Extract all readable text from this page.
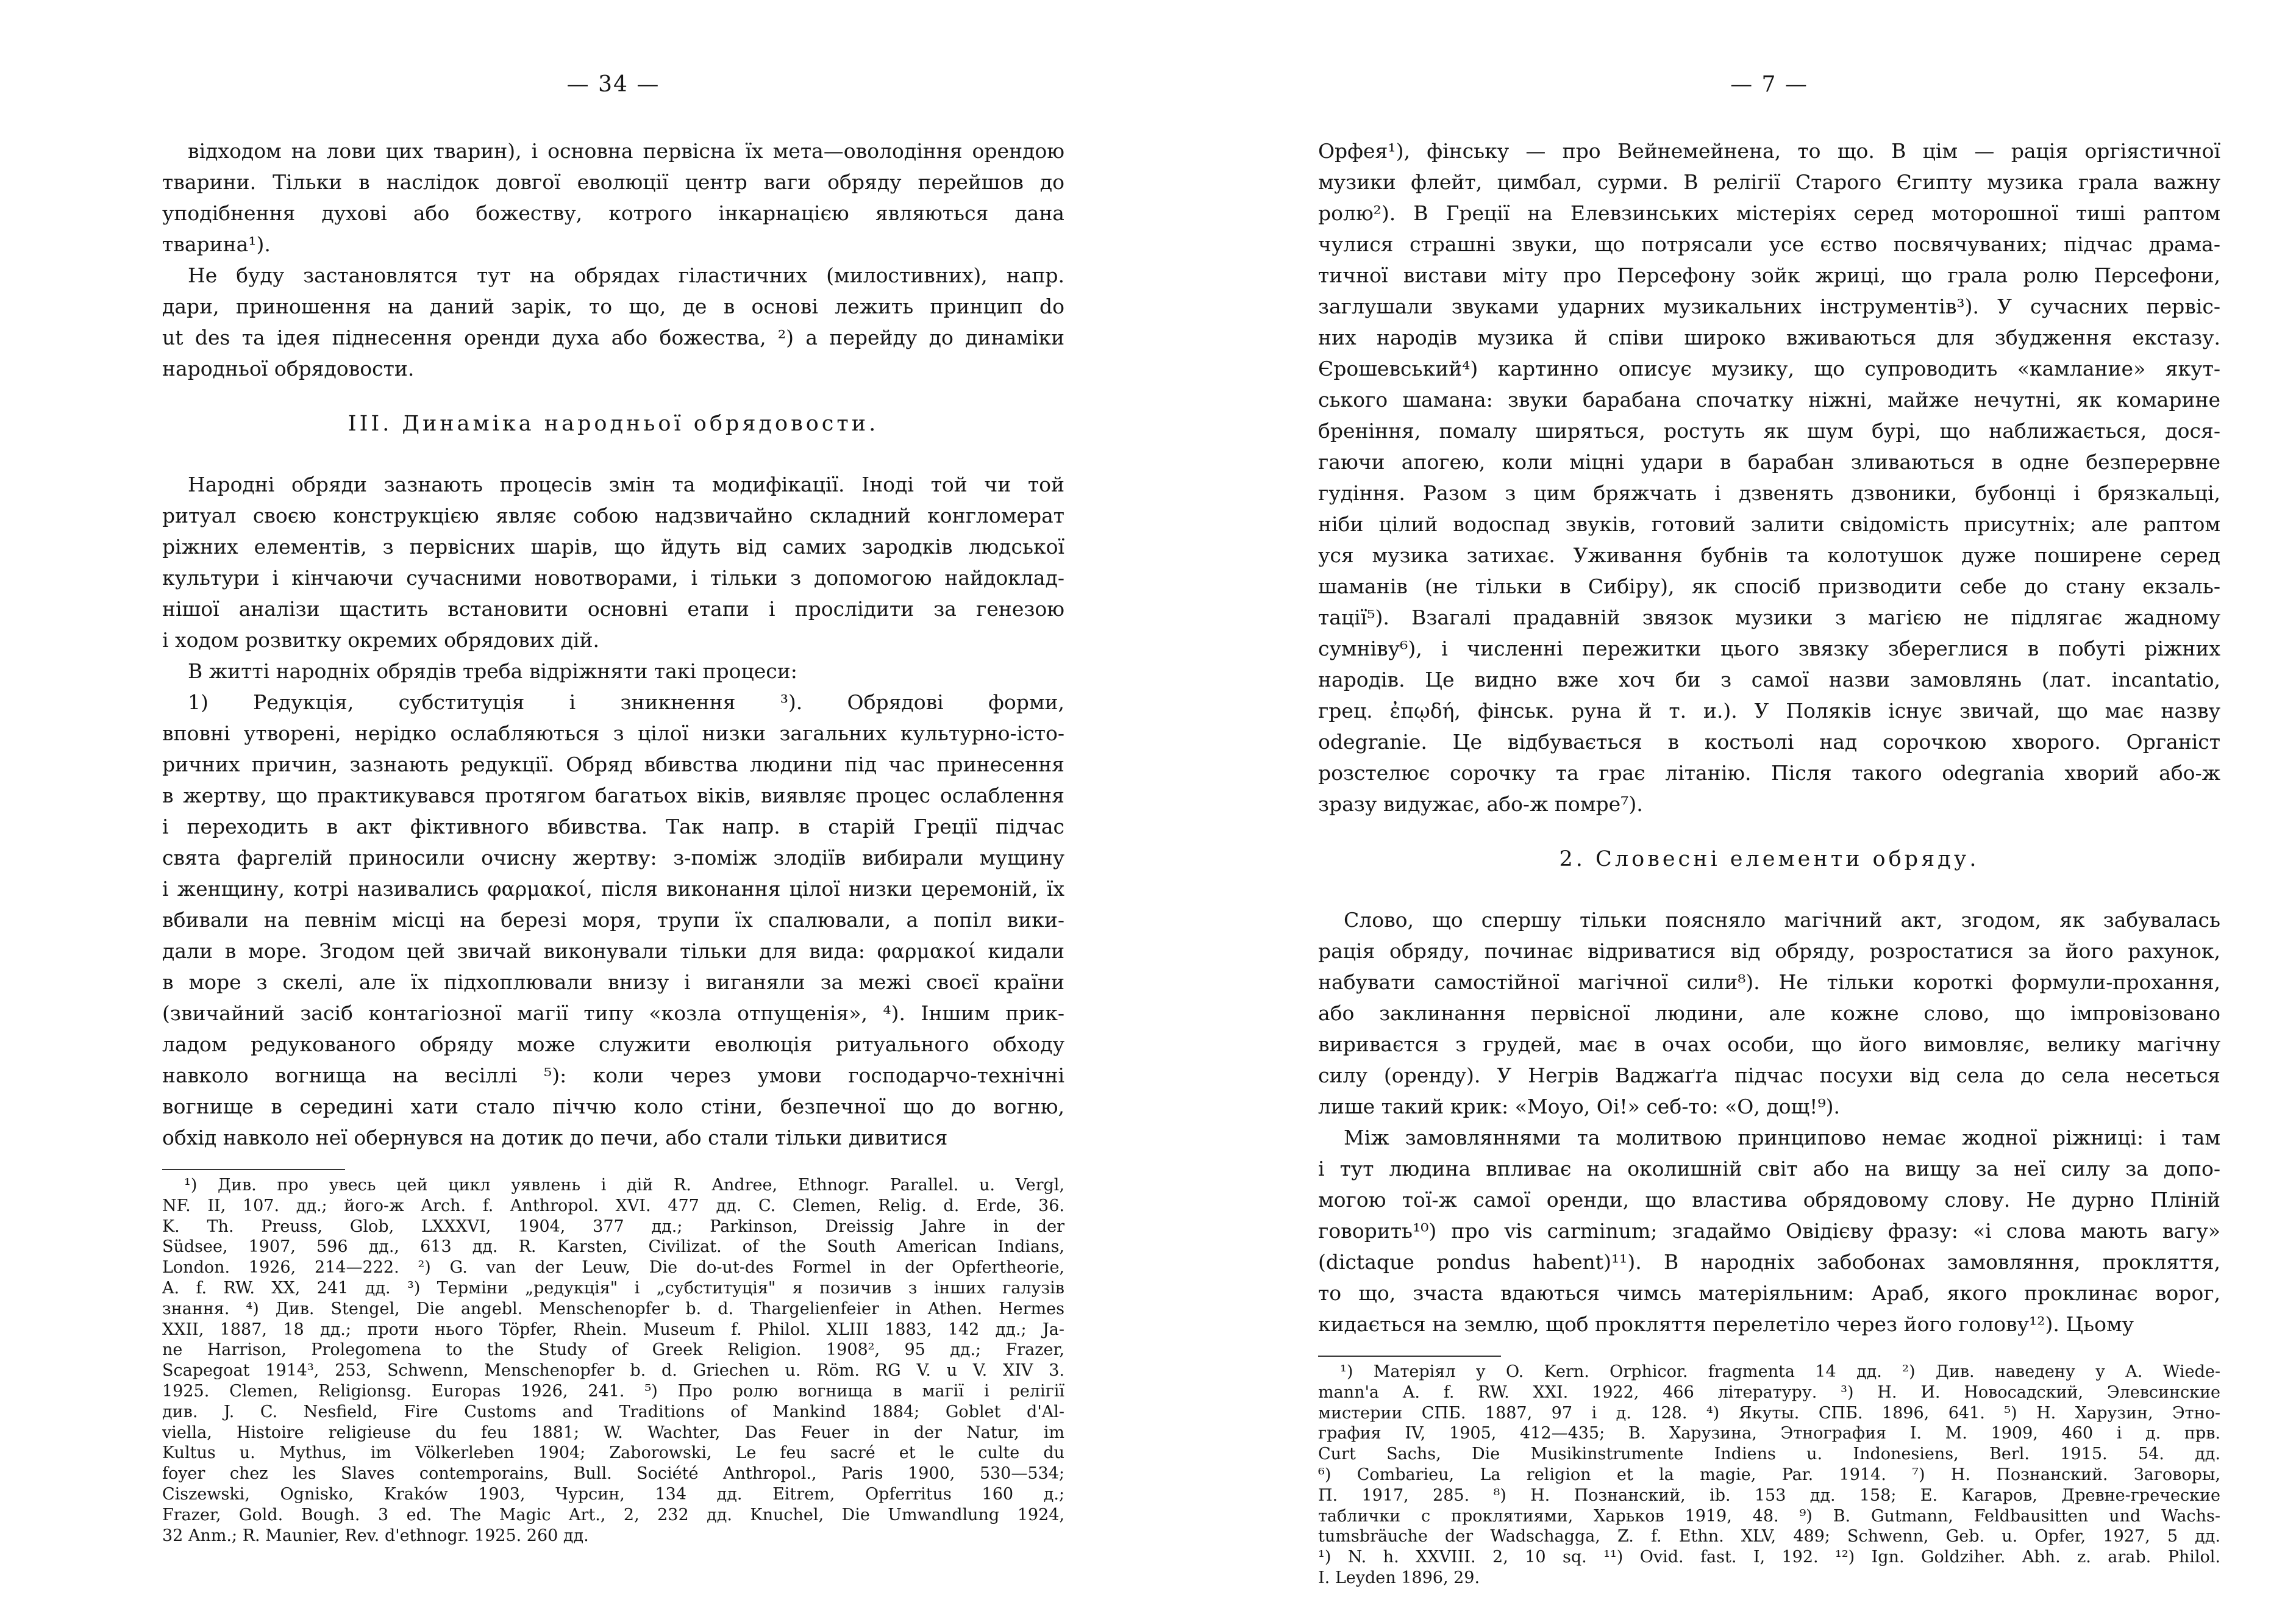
— 34 —
відходом на лови цих тварин), і основна первісна їх мета—оволодіння орендою
тварини. Тільки в наслідок довгої еволюції центр ваги обряду перейшов до
уподібнення духові або божеству, котрого інкарнацією являються дана
тварина¹).
Не буду застановлятся тут на обрядах гіластичних (милостивних), напр.
дари, приношення на даний зарік, то що, де в основі лежить принцип do
ut des та ідея піднесення оренди духа або божества, ²) а перейду до динаміки
народньої обрядовости.
III. Динаміка народньої обрядовости.
Народні обряди зазнають процесів змін та модифікації. Іноді той чи той
ритуал своєю конструкцією являє собою надзвичайно складний конгломерат
ріжних елементів, з первісних шарів, що йдуть від самих зародків людської
культури і кінчаючи сучасними новотворами, і тільки з допомогою найдоклад-
нішої аналізи щастить встановити основні етапи і прослідити за генезою
і ходом розвитку окремих обрядових дій.
В житті народніх обрядів треба відріжняти такі процеси:
1) Редукція, субституція і зникнення ³). Обрядові форми,
вповні утворені, нерідко ослабляються з цілої низки загальних культурно-істо-
ричних причин, зазнають редукції. Обряд вбивства людини під час принесення
в жертву, що практикувався протягом багатьох віків, виявляє процес ослаблення
і переходить в акт фіктивного вбивства. Так напр. в старій Греції підчас
свята фаргелій приносили очисну жертву: з-поміж злодіїв вибирали мущину
і женщину, котрі називались φαρμακοί, після виконання цілої низки церемоній, їх
вбивали на певнім місці на березі моря, трупи їх спалювали, а попіл вики-
дали в море. Згодом цей звичай виконували тільки для вида: φαρμακοί кидали
в море з скелі, але їх підхоплювали внизу і виганяли за межі своєї країни
(звичайний засіб контагіозної магії типу «козла отпущенія», ⁴). Іншим прик-
ладом редукованого обряду може служити еволюція ритуального обходу
навколо вогнища на весіллі ⁵): коли через умови господарчо-технічні
вогнище в середині хати стало піччю коло стіни, безпечної що до вогню,
обхід навколо неї обернувся на дотик до печи, або стали тільки дивитися
¹) Див. про увесь цей цикл уявлень і дій R. Andree, Ethnogr. Parallel. u. Vergl,
NF. II, 107. дд.; його-ж Arch. f. Anthropol. XVI. 477 дд. C. Clemen, Relig. d. Erde, 36.
K. Th. Preuss, Glob, LXXXVI, 1904, 377 дд.; Parkinson, Dreissig Jahre in der
Südsee, 1907, 596 дд., 613 дд. R. Karsten, Civilizat. of the South American Indians,
London. 1926, 214—222. ²) G. van der Leuw, Die do-ut-des Formel in der Opfertheorie,
A. f. RW. XX, 241 дд. ³) Терміни „редукція" і „субституція" я позичив з інших галузів
знання. ⁴) Див. Stengel, Die angebl. Menschenopfer b. d. Thargelienfeier in Athen. Hermes
XXII, 1887, 18 дд.; проти нього Töpfer, Rhein. Museum f. Philol. XLIII 1883, 142 дд.; Ja-
ne Harrison, Prolegomena to the Study of Greek Religion. 1908², 95 дд.; Frazer,
Scapegoat 1914³, 253, Schwenn, Menschenopfer b. d. Griechen u. Röm. RG V. u V. XIV 3.
1925. Clemen, Religionsg. Europas 1926, 241. ⁵) Про ролю вогнища в магії і релігії
див. J. C. Nesfield, Fire Customs and Traditions of Mankind 1884; Goblet d'Al-
viella, Histoire religieuse du feu 1881; W. Wachter, Das Feuer in der Natur, im
Kultus u. Mythus, im Völkerleben 1904; Zaborowski, Le feu sacré et le culte du
foyer chez les Slaves contemporains, Bull. Société Anthropol., Paris 1900, 530—534;
Ciszewski, Ognisko, Kraków 1903, Чурсин, 134 дд. Eitrem, Opferritus 160 д.;
Frazer, Gold. Bough. 3 ed. The Magic Art., 2, 232 дд. Knuchel, Die Umwandlung 1924,
32 Anm.; R. Maunier, Rev. d'ethnogr. 1925. 260 дд.
— 7 —
Орфея¹), фінську — про Вейнемейнена, то що. В цім — рація оргіястичної
музики флейт, цимбал, сурми. В релігії Старого Єгипту музика грала важну
ролю²). В Греції на Елевзинських містеріях серед моторошної тиші раптом
чулися страшні звуки, що потрясали усе єство посвячуваних; підчас драма-
тичної вистави міту про Персефону зойк жриці, що грала ролю Персефони,
заглушали звуками ударних музикальних інструментів³). У сучасних первіс-
них народів музика й співи широко вживаються для збудження екстазу.
Єрошевський⁴) картинно описує музику, що супроводить «камлание» якут-
ського шамана: звуки барабана спочатку ніжні, майже нечутні, як комарине
бреніння, помалу ширяться, ростуть як шум бурі, що наближається, дося-
гаючи апогею, коли міцні удари в барабан зливаються в одне безперервне
гудіння. Разом з цим бряжчать і дзвенять дзвоники, бубонці і брязкальці,
ніби цілий водоспад звуків, готовий залити свідомість присутніх; але раптом
уся музика затихає. Уживання бубнів та колотушок дуже поширене серед
шаманів (не тільки в Сибіру), як спосіб призводити себе до стану екзаль-
тації⁵). Взагалі прадавній звязок музики з магією не підлягає жадному
сумніву⁶), і численні пережитки цього звязку збереглися в побуті ріжних
народів. Це видно вже хоч би з самої назви замовлянь (лат. incantatio,
грец. ἐπῳδή, фінськ. руна й т. и.). У Поляків існує звичай, що має назву
odegranie. Це відбувається в костьолі над сорочкою хворого. Органіст
розстелює сорочку та грає літанію. Після такого odegrania хворий або-ж
зразу видужає, або-ж помре⁷).
2. Словесні елементи обряду.
Слово, що спершу тільки пояснялo магічний акт, згодом, як забувалась
рація обряду, починає відриватися від обряду, розростатися за його рахунок,
набувати самостійної магічної сили⁸). Не тільки короткі формули-прохання,
або заклинання первісної людини, але кожне слово, що імпровізовано
вириваєтся з грудей, має в очах особи, що його вимовляє, велику магічну
силу (оренду). У Негрів Ваджаґґа підчас посухи від села до села несеться
лише такий крик: «Моуо, Оі!» себ-то: «О, дощ!⁹).
Між замовляннями та молитвою принципово немає жодної ріжниці: і там
і тут людина впливає на околишній світ або на вищу за неї силу за допо-
могою тої-ж самої оренди, що властива обрядовому слову. Не дурно Пліній
говорить¹⁰) про vis carminum; згадаймо Овідієву фразу: «і слова мають вагу»
(dictaque pondus habent)¹¹). В народніх забобонах замовляння, прокляття,
то що, зчаста вдаються чимсь матеріяльним: Араб, якого проклинає ворог,
кидається на землю, щоб прокляття перелетіло через його голову¹²). Цьому
¹) Матеріял у O. Kern. Orphicor. fragmenta 14 дд. ²) Див. наведену у A. Wiede-
mann'a A. f. RW. XXI. 1922, 466 літературу. ³) Н. И. Новосадский, Элевсинские
мистерии СПБ. 1887, 97 і д. 128. ⁴) Якуты. СПБ. 1896, 641. ⁵) Н. Харузин, Этно-
графия IV, 1905, 412—435; В. Харузина, Этнография I. М. 1909, 460 і д. прв.
Curt Sachs, Die Musikinstrumente Indiens u. Indonesiens, Berl. 1915. 54. дд.
⁶) Combarieu, La religion et la magie, Par. 1914. ⁷) Н. Познанский. Заговоры,
П. 1917, 285. ⁸) Н. Познанский, ib. 153 дд. 158; Е. Кагаров, Древне-греческие
таблички с проклятиями, Харьков 1919, 48. ⁹) B. Gutmann, Feldbausitten und Wachs-
tumsbräuche der Wadschagga, Z. f. Ethn. XLV, 489; Schwenn, Geb. u. Opfer, 1927, 5 дд.
¹) N. h. XXVIII. 2, 10 sq. ¹¹) Ovid. fast. I, 192. ¹²) Ign. Goldziher. Abh. z. arab. Philol.
I. Leyden 1896, 29.
